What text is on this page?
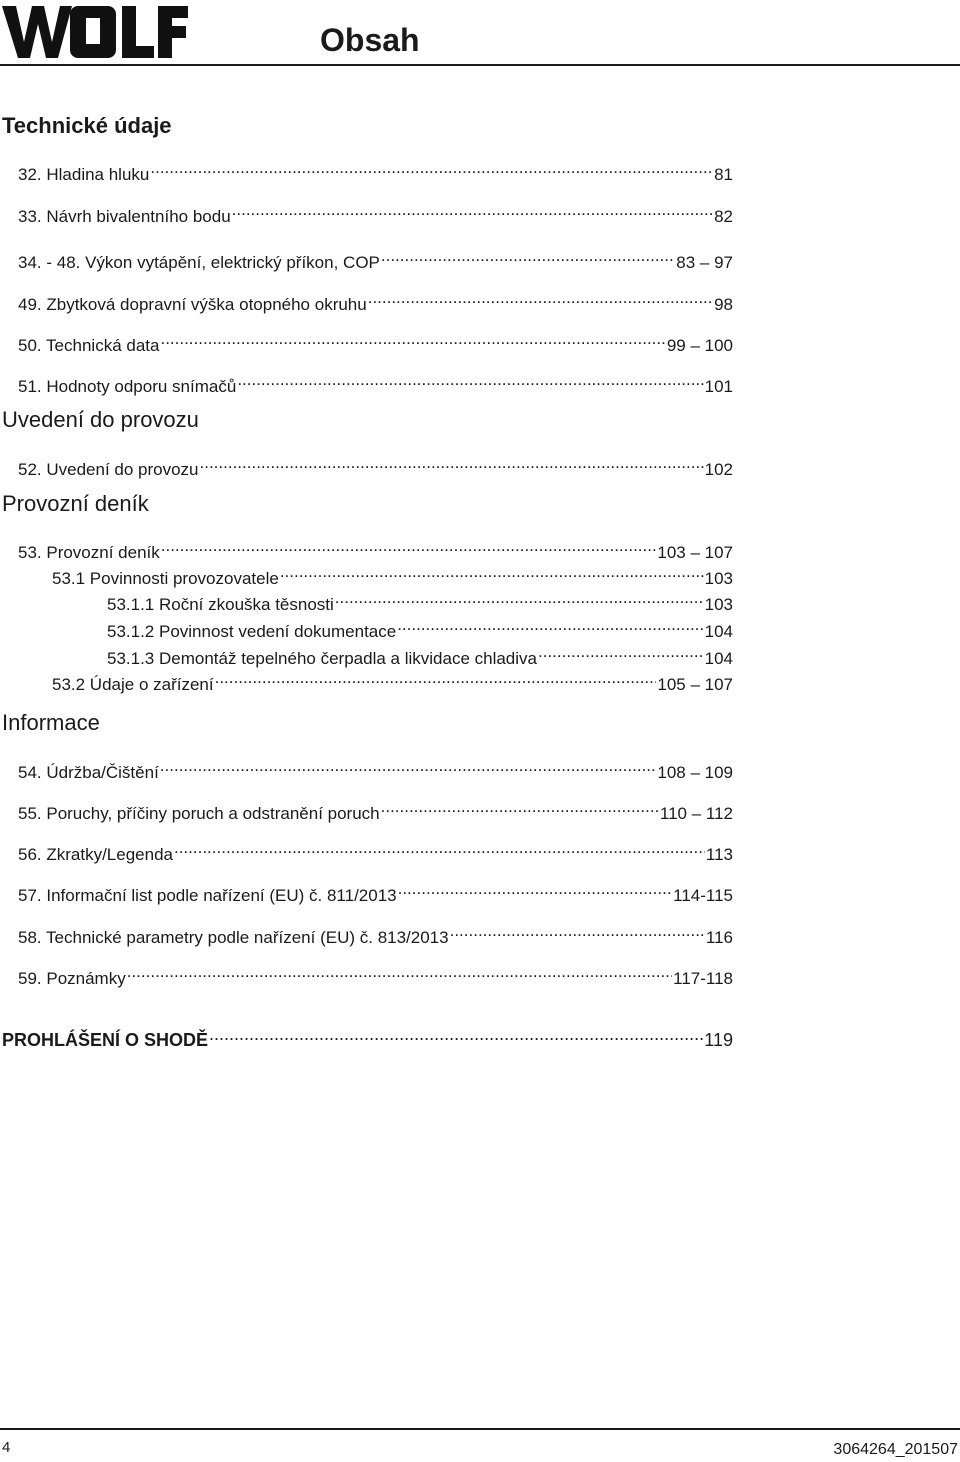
Obsah
Technické údaje
32. Hladina hluku .....	81
33. Návrh bivalentního bodu .....	82
34. - 48. Výkon vytápění, elektrický příkon, COP .....	83 – 97
49. Zbytková dopravní výška otopného okruhu .....	98
50. Technická data .....	99 – 100
51. Hodnoty odporu snímačů .....	101
Uvedení do provozu
52. Uvedení do provozu .....	102
Provozní deník
53. Provozní deník .....	103 – 107
53.1 Povinnosti provozovatele .....	103
53.1.1 Roční zkouška těsnosti .....	103
53.1.2 Povinnost vedení dokumentace .....	104
53.1.3 Demontáž tepelného čerpadla a likvidace chladiva .....	104
53.2 Údaje o zařízení .....	105 – 107
Informace
54. Údržba/Čištění .....	108 – 109
55. Poruchy, příčiny poruch a odstranění poruch .....	110 – 112
56. Zkratky/Legenda .....	113
57. Informační list podle nařízení (EU) č. 811/2013 .....	114-115
58. Technické parametry podle nařízení (EU) č. 813/2013 .....	116
59. Poznámky .....	117-118
PROHLÁŠENÍ O SHODĚ .....	119
4	3064264_201507
